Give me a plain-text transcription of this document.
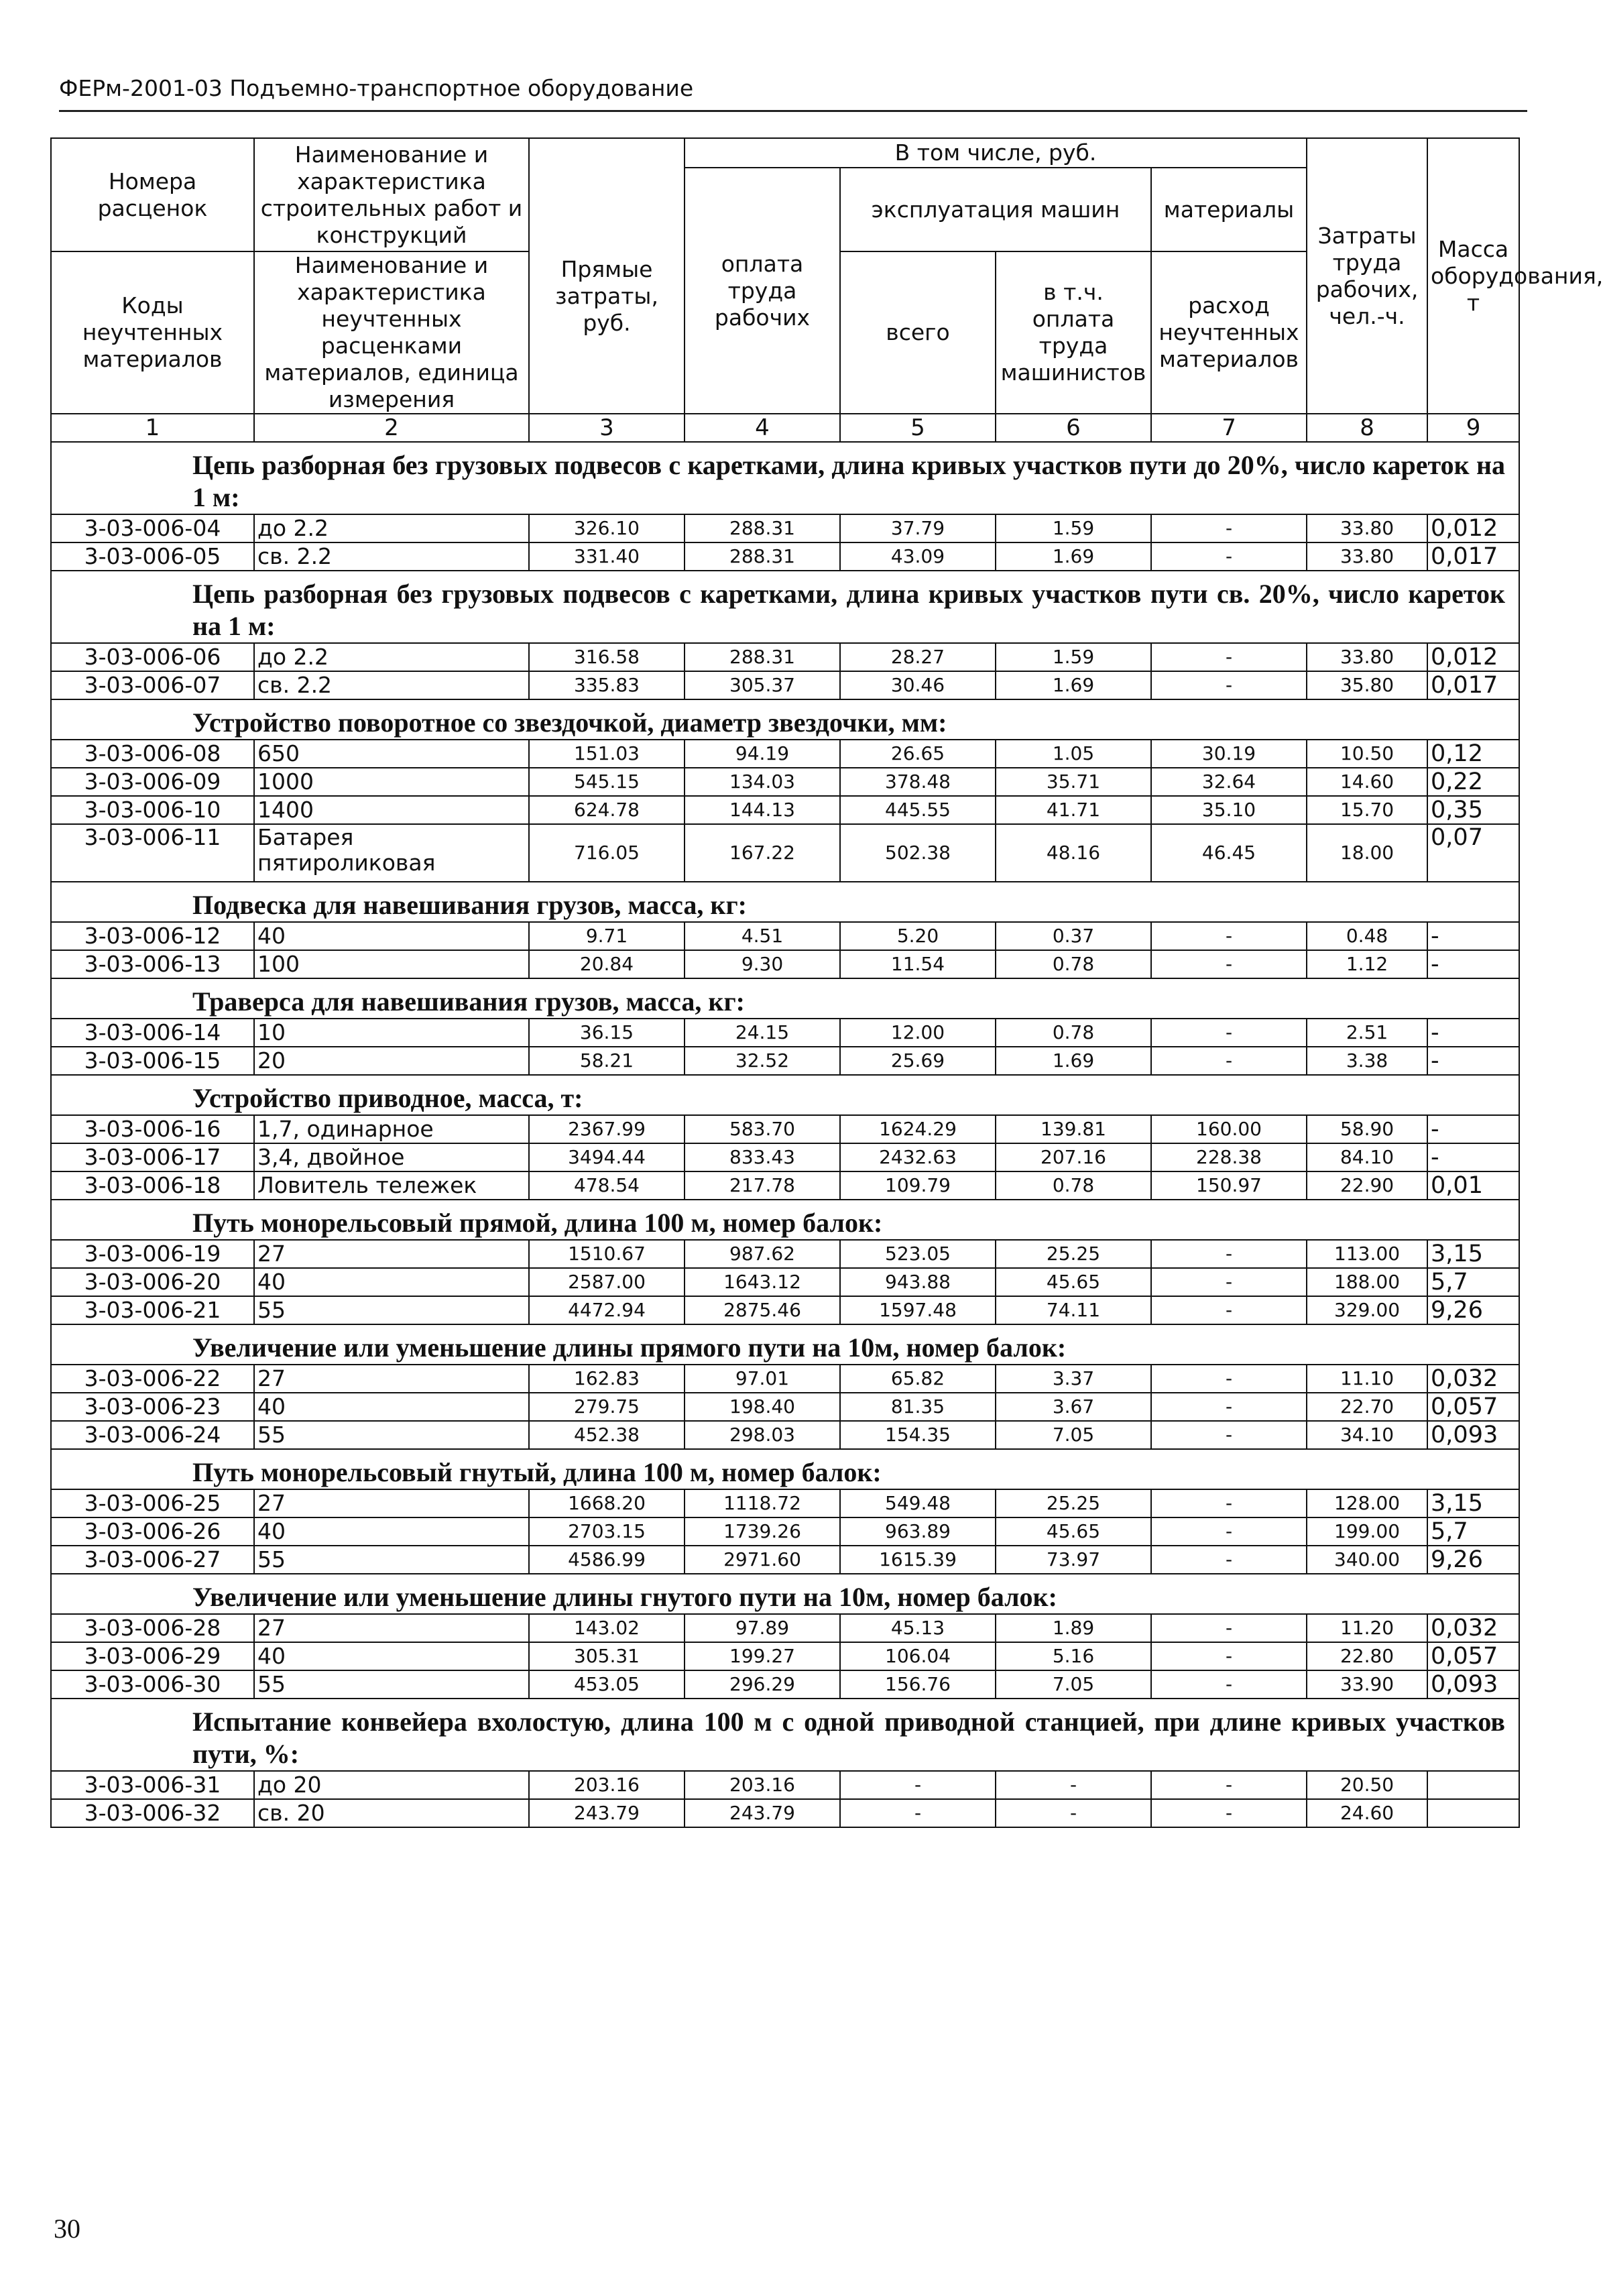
ФЕРм-2001-03 Подъемно-транспортное оборудование
Номера расценок	Наименование и характеристика строительных работ и конструкций	Прямые затраты, руб.	В том числе, руб.				Затраты труда рабочих, чел.-ч.	Масса оборудования, т
			оплата труда рабочих	эксплуатация машин		материалы		
Коды неучтенных материалов	Наименование и характеристика неучтенных расценками материалов, единица измерения			всего	в т.ч. оплата труда машинистов	расход неучтенных материалов		

1	2	3	4	5	6	7	8	9
Цепь разборная без грузовых подвесов с каретками, длина кривых участков пути до 20%, число кареток на 1 м:								
3-03-006-04	до 2.2	326.10	288.31	37.79	1.59	-	33.80	0,012
3-03-006-05	св. 2.2	331.40	288.31	43.09	1.69	-	33.80	0,017
Цепь разборная без грузовых подвесов с каретками, длина кривых участков пути св. 20%, число кареток на 1 м:								
3-03-006-06	до 2.2	316.58	288.31	28.27	1.59	-	33.80	0,012
3-03-006-07	св. 2.2	335.83	305.37	30.46	1.69	-	35.80	0,017
Устройство поворотное со звездочкой, диаметр звездочки, мм:								
3-03-006-08	650	151.03	94.19	26.65	1.05	30.19	10.50	0,12
3-03-006-09	1000	545.15	134.03	378.48	35.71	32.64	14.60	0,22
3-03-006-10	1400	624.78	144.13	445.55	41.71	35.10	15.70	0,35
3-03-006-11	Батарея пятироликовая	716.05	167.22	502.38	48.16	46.45	18.00	0,07
Подвеска для навешивания грузов, масса, кг:								
3-03-006-12	40	9.71	4.51	5.20	0.37	-	0.48	-
3-03-006-13	100	20.84	9.30	11.54	0.78	-	1.12	-
Траверса для навешивания грузов, масса, кг:								
3-03-006-14	10	36.15	24.15	12.00	0.78	-	2.51	-
3-03-006-15	20	58.21	32.52	25.69	1.69	-	3.38	-
Устройство приводное, масса, т:								
3-03-006-16	1,7, одинарное	2367.99	583.70	1624.29	139.81	160.00	58.90	-
3-03-006-17	3,4, двойное	3494.44	833.43	2432.63	207.16	228.38	84.10	-
3-03-006-18	Ловитель тележек	478.54	217.78	109.79	0.78	150.97	22.90	0,01
Путь монорельсовый прямой, длина 100 м, номер балок:								
3-03-006-19	27	1510.67	987.62	523.05	25.25	-	113.00	3,15
3-03-006-20	40	2587.00	1643.12	943.88	45.65	-	188.00	5,7
3-03-006-21	55	4472.94	2875.46	1597.48	74.11	-	329.00	9,26
Увеличение или уменьшение длины прямого пути на 10м, номер балок:								
3-03-006-22	27	162.83	97.01	65.82	3.37	-	11.10	0,032
3-03-006-23	40	279.75	198.40	81.35	3.67	-	22.70	0,057
3-03-006-24	55	452.38	298.03	154.35	7.05	-	34.10	0,093
Путь монорельсовый гнутый, длина 100 м, номер балок:								
3-03-006-25	27	1668.20	1118.72	549.48	25.25	-	128.00	3,15
3-03-006-26	40	2703.15	1739.26	963.89	45.65	-	199.00	5,7
3-03-006-27	55	4586.99	2971.60	1615.39	73.97	-	340.00	9,26
Увеличение или уменьшение длины гнутого пути на 10м, номер балок:								
3-03-006-28	27	143.02	97.89	45.13	1.89	-	11.20	0,032
3-03-006-29	40	305.31	199.27	106.04	5.16	-	22.80	0,057
3-03-006-30	55	453.05	296.29	156.76	7.05	-	33.90	0,093
Испытание конвейера вхолостую, длина 100 м с одной приводной станцией, при длине кривых участков пути, %:								
3-03-006-31	до 20	203.16	203.16	-	-	-	20.50	
3-03-006-32	св. 20	243.79	243.79	-	-	-	24.60	
30
